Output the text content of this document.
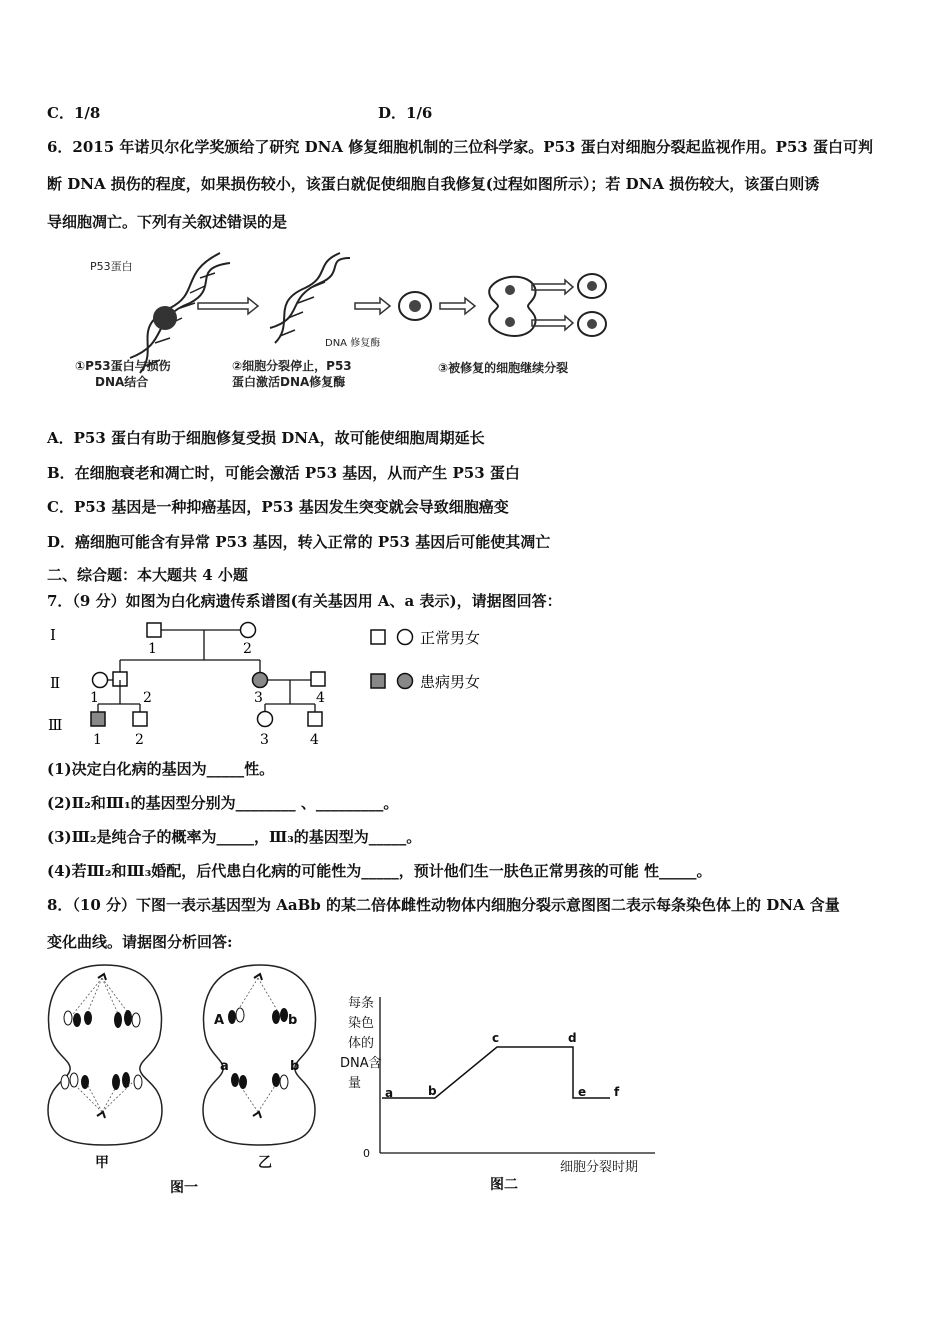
C．1/8	D．1/6
6．2015 年诺贝尔化学奖颁给了研究 DNA 修复细胞机制的三位科学家。P53 蛋白对细胞分裂起监视作用。P53 蛋白可判
断 DNA 损伤的程度，如果损伤较小，该蛋白就促使细胞自我修复(过程如图所示）；若 DNA 损伤较大，该蛋白则诱
导细胞凋亡。下列有关叙述错误的是
P53蛋白
DNA 修复酶
①P53蛋白与损伤
DNA结合
②细胞分裂停止，P53
蛋白激活DNA修复酶
③被修复的细胞继续分裂
A．P53 蛋白有助于细胞修复受损 DNA，故可能使细胞周期延长
B．在细胞衰老和凋亡时，可能会激活 P53 基因，从而产生 P53 蛋白
C．P53 基因是一种抑癌基因，P53 基因发生突变就会导致细胞癌变
D．癌细胞可能含有异常 P53 基因，转入正常的 P53 基因后可能使其凋亡
二、综合题：本大题共 4 小题
7．（9 分）如图为白化病遗传系谱图(有关基因用 A、a 表示)，请据图回答：
Ⅰ
Ⅱ
Ⅲ
1	2
1	2	3	4
1 2	3	4
正常男女
患病男女
(1)决定白化病的基因为_____性。
(2)Ⅱ₂和Ⅲ₁的基因型分别为________ 、_________。
(3)Ⅲ₂是纯合子的概率为_____，Ⅲ₃的基因型为_____。
(4)若Ⅲ₂和Ⅲ₃婚配，后代患白化病的可能性为_____，预计他们生一肤色正常男孩的可能 性_____。
8．（10 分）下图一表示基因型为 AaBb 的某二倍体雌性动物体内细胞分裂示意图图二表示每条染色体上的 DNA 含量
变化曲线。请据图分析回答:
甲
图一
A	b
a	b
乙
每条
染色
体的
DNA含
量
0
细胞分裂时期
a	b
c	d
e f
图二
